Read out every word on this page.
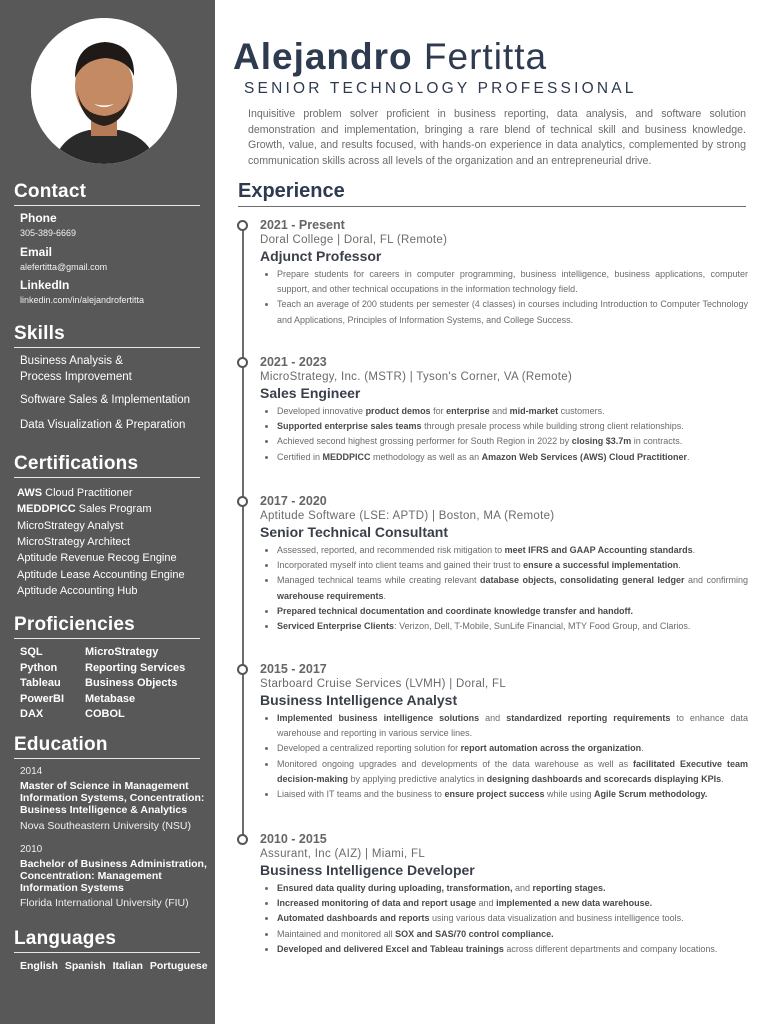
Contact
Phone
305-389-6669
Email
alefertitta@gmail.com
LinkedIn
linkedin.com/in/alejandrofertitta
Skills
Business Analysis &
Process Improvement
Software Sales & Implementation
Data Visualization & Preparation
Certifications
AWS Cloud Practitioner
MEDDPICC Sales Program
MicroStrategy Analyst
MicroStrategy Architect
Aptitude Revenue Recog Engine
Aptitude Lease Accounting Engine
Aptitude Accounting Hub
Proficiencies
SQL
Python
Tableau
PowerBI
DAX
MicroStrategy
Reporting Services
Business Objects
Metabase
COBOL
Education
2014
Master of Science in Management Information Systems, Concentration: Business Intelligence & Analytics
Nova Southeastern University (NSU)
2010
Bachelor of Business Administration, Concentration: Management Information Systems
Florida International University (FIU)
Languages
English Spanish Italian Portuguese
Alejandro Fertitta
SENIOR TECHNOLOGY PROFESSIONAL
Inquisitive problem solver proficient in business reporting, data analysis, and software solution demonstration and implementation, bringing a rare blend of technical skill and business knowledge. Growth, value, and results focused, with hands-on experience in data analytics, complemented by strong communication skills across all levels of the organization and an entrepreneurial drive.
Experience
2021 - Present
Doral College | Doral, FL (Remote)
Adjunct Professor
• Prepare students for careers in computer programming, business intelligence, business applications, computer support, and other technical occupations in the information technology field.
• Teach an average of 200 students per semester (4 classes) in courses including Introduction to Computer Technology and Applications, Principles of Information Systems, and College Success.
2021 - 2023
MicroStrategy, Inc. (MSTR) | Tyson's Corner, VA (Remote)
Sales Engineer
• Developed innovative product demos for enterprise and mid-market customers.
• Supported enterprise sales teams through presale process while building strong client relationships.
• Achieved second highest grossing performer for South Region in 2022 by closing $3.7m in contracts.
• Certified in MEDDPICC methodology as well as an Amazon Web Services (AWS) Cloud Practitioner.
2017 - 2020
Aptitude Software (LSE: APTD) | Boston, MA (Remote)
Senior Technical Consultant
• Assessed, reported, and recommended risk mitigation to meet IFRS and GAAP Accounting standards.
• Incorporated myself into client teams and gained their trust to ensure a successful implementation.
• Managed technical teams while creating relevant database objects, consolidating general ledger and confirming warehouse requirements.
• Prepared technical documentation and coordinate knowledge transfer and handoff.
• Serviced Enterprise Clients: Verizon, Dell, T-Mobile, SunLife Financial, MTY Food Group, and Clarios.
2015 - 2017
Starboard Cruise Services (LVMH) | Doral, FL
Business Intelligence Analyst
• Implemented business intelligence solutions and standardized reporting requirements to enhance data warehouse and reporting in various service lines.
• Developed a centralized reporting solution for report automation across the organization.
• Monitored ongoing upgrades and developments of the data warehouse as well as facilitated Executive team decision-making by applying predictive analytics in designing dashboards and scorecards displaying KPIs.
• Liaised with IT teams and the business to ensure project success while using Agile Scrum methodology.
2010 - 2015
Assurant, Inc (AIZ) | Miami, FL
Business Intelligence Developer
• Ensured data quality during uploading, transformation, and reporting stages.
• Increased monitoring of data and report usage and implemented a new data warehouse.
• Automated dashboards and reports using various data visualization and business intelligence tools.
• Maintained and monitored all SOX and SAS/70 control compliance.
• Developed and delivered Excel and Tableau trainings across different departments and company locations.
